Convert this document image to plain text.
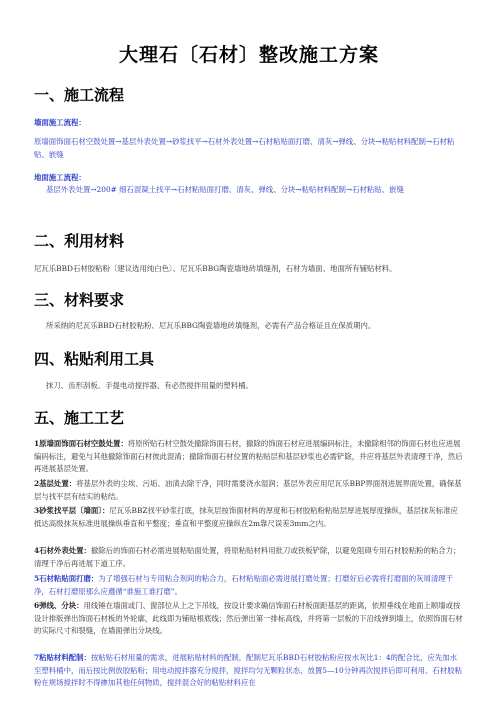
大理石〔石材〕整改施工方案
一、施工流程

墙面施工流程：

原墙面饰面石材空鼓处置→基层外表处置→砂浆找平→石材外表处置→石材粘贴面打磨、清灰→弹线、分块→粘贴材料配制→石材粘贴、嵌缝

地面施工流程：

基层外表处置→200# 细石混凝土找平→石材粘贴面打磨、清灰、弹线、分块→粘贴材料配制→石材粘贴、嵌缝

二、利用材料

尼瓦乐BBD石材胶粘粉〔建议选用纯白色〕、尼瓦乐BBG陶瓷墙地砖填缝剂，石材为墙面、地面所有铺贴材料。

三、材料要求

所采纳的尼瓦乐BBD石材胶粘粉、尼瓦乐BBG陶瓷墙地砖填缝剂，必需有产品合格证且在保质期内。

四、粘贴利用工具

抹刀、齿形刮板、手提电动搅拌器、有必然搅拌用量的塑料桶。

五、施工工艺

1原墙面饰面石材空鼓处置：将原所贴石材空鼓处撤除饰面石材，撤除的饰面石材应进展编码标注，未撤除相邻的饰面石材也应进展编码标注，避免与其他撤除饰面石材彼此混淆；撤除饰面石材位置的粘贴层和基层砂浆也必需铲除，并应将基层外表清理干净，然后再进展基层处置。

2基层处置：将基层外表的尘埃、污垢、油渍去除干净，同时需要浇水湿润；基层外表应用尼瓦乐BBP界面剂进展界面处置，确保基层与找平层有结实的粘结。

3砂浆找平层〔墙面〕：尼瓦乐BBZ找平砂浆打底，抹灰层按饰面材料的厚度和石材胶粘粉粘贴层厚进展厚度操纵，基层抹灰标准应抵达高级抹灰标准进展操纵垂直和平整度；垂直和平整度应操纵在2m靠尺误差3mm之内。

4石材外表处置：撤除后的饰面石材必需进展粘贴面处置，将原粘贴材料用批刀或铁板铲除，以避免阻碍专用石材胶粘粉的粘合力；清理干净后再进展下道工序。

5石材粘贴面打磨：为了增强石材与专用粘合剂间的粘合力，石材粘贴面必需进展打磨处置；打磨好后必需将打磨面的灰屑清理干净，石材打磨原那么应遵循“谁施工谁打磨”。

6弹线、分块：用线锤在墙面或门、窗部位从上之下吊线，按设计要求确信饰面石材板面距基层的距离，依照垂线在地面上顺墙或按设计排版弹出饰面石材板的外轮廓，此线即为铺贴根底线；然后弹出第一排标高线，并将第一层板的下沿线弹到墙上，依照饰面石材的实际尺寸和裂缝，在墙面弹出分块线。

7粘贴材料配制：按粘贴石材用量的需求，进展粘贴材料的配制，配制尼瓦乐BBD石材胶粘粉应按水灰比1：4的配合比，应先加水至塑料桶中，而后按比例放胶粘粉；用电动搅拌器充分搅拌，搅拌均匀无颗粒状态，放置5—10分钟再次搅拌后即可利用。石材胶粘粉在规场搅拌时不得掺加其他任何物质，搅拌混合好的粘贴材料应在
